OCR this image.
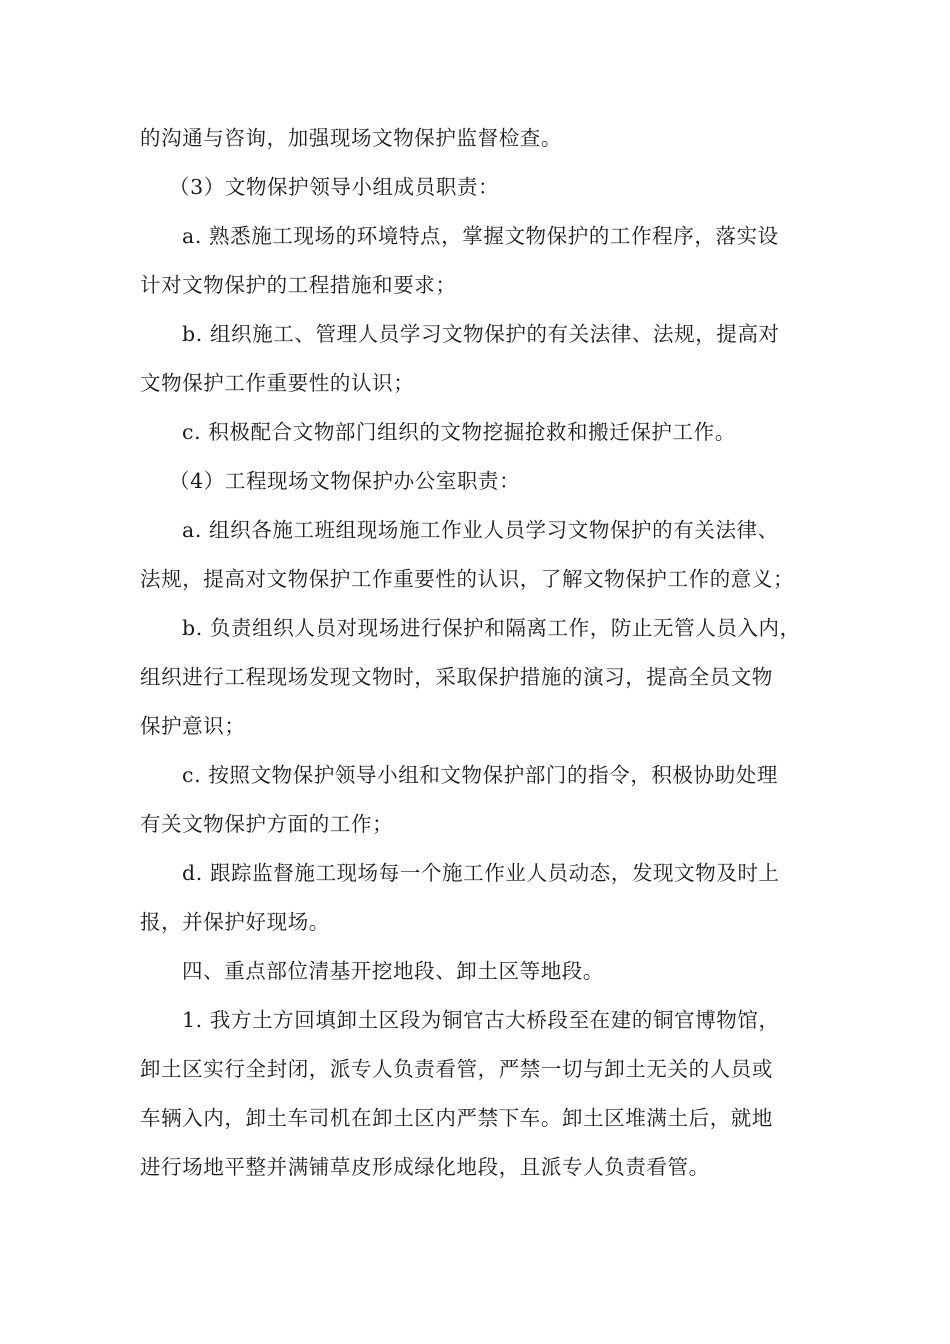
的沟通与咨询，加强现场文物保护监督检查。

（3）文物保护领导小组成员职责：

a. 熟悉施工现场的环境特点，掌握文物保护的工作程序，落实设

计对文物保护的工程措施和要求；

b. 组织施工、管理人员学习文物保护的有关法律、法规，提高对

文物保护工作重要性的认识；

c. 积极配合文物部门组织的文物挖掘抢救和搬迁保护工作。

（4）工程现场文物保护办公室职责：

a. 组织各施工班组现场施工作业人员学习文物保护的有关法律、

法规，提高对文物保护工作重要性的认识，了解文物保护工作的意义；

b. 负责组织人员对现场进行保护和隔离工作，防止无管人员入内，

组织进行工程现场发现文物时，采取保护措施的演习，提高全员文物

保护意识；

c. 按照文物保护领导小组和文物保护部门的指令，积极协助处理

有关文物保护方面的工作；

d. 跟踪监督施工现场每一个施工作业人员动态，发现文物及时上

报，并保护好现场。

四、重点部位清基开挖地段、卸土区等地段。

1. 我方土方回填卸土区段为铜官古大桥段至在建的铜官博物馆，

卸土区实行全封闭，派专人负责看管，严禁一切与卸土无关的人员或

车辆入内，卸土车司机在卸土区内严禁下车。卸土区堆满土后，就地

进行场地平整并满铺草皮形成绿化地段，且派专人负责看管。
